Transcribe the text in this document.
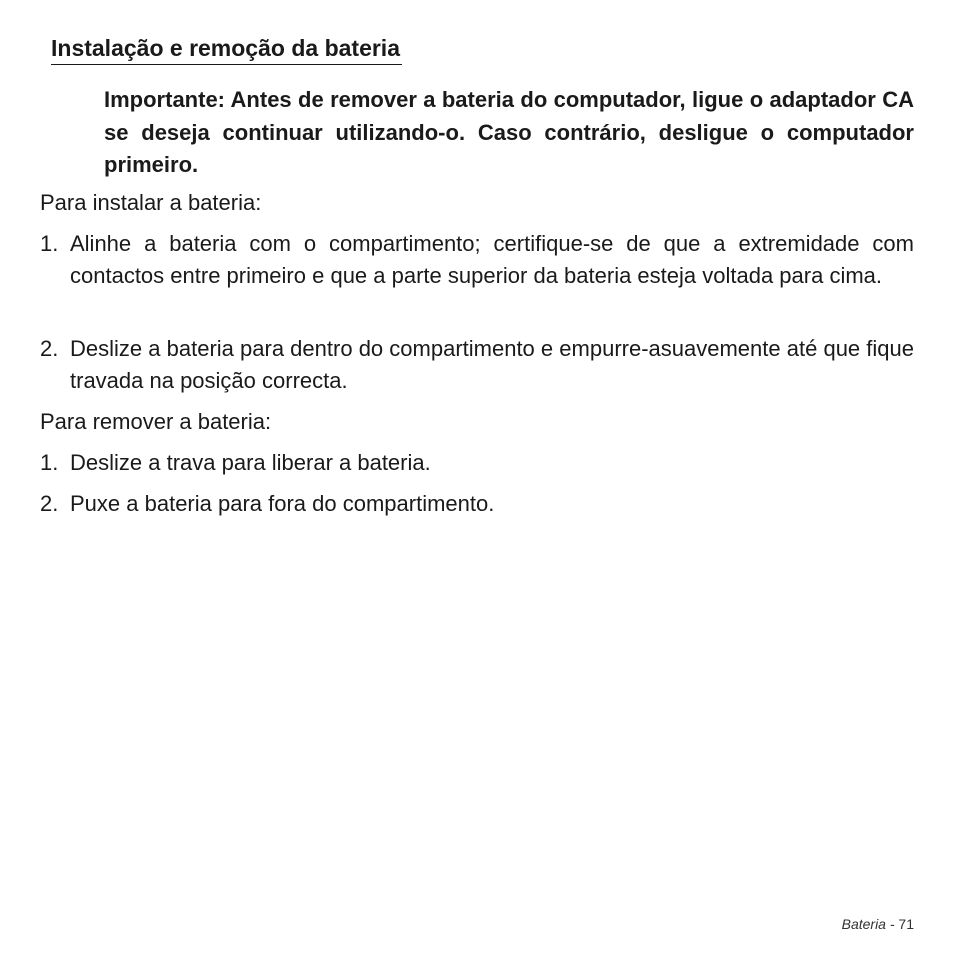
Instalação e remoção da bateria
Importante: Antes de remover a bateria do computador, ligue o adaptador CA se deseja continuar utilizando-o. Caso contrário, desligue o computador primeiro.
Para instalar a bateria:
1. Alinhe a bateria com o compartimento; certifique-se de que a extremidade com contactos entre primeiro e que a parte superior da bateria esteja voltada para cima.
2. Deslize a bateria para dentro do compartimento e empurre-asuavemente até que fique travada na posição correcta.
Para remover a bateria:
1. Deslize a trava para liberar a bateria.
2. Puxe a bateria para fora do compartimento.
Bateria - 71
